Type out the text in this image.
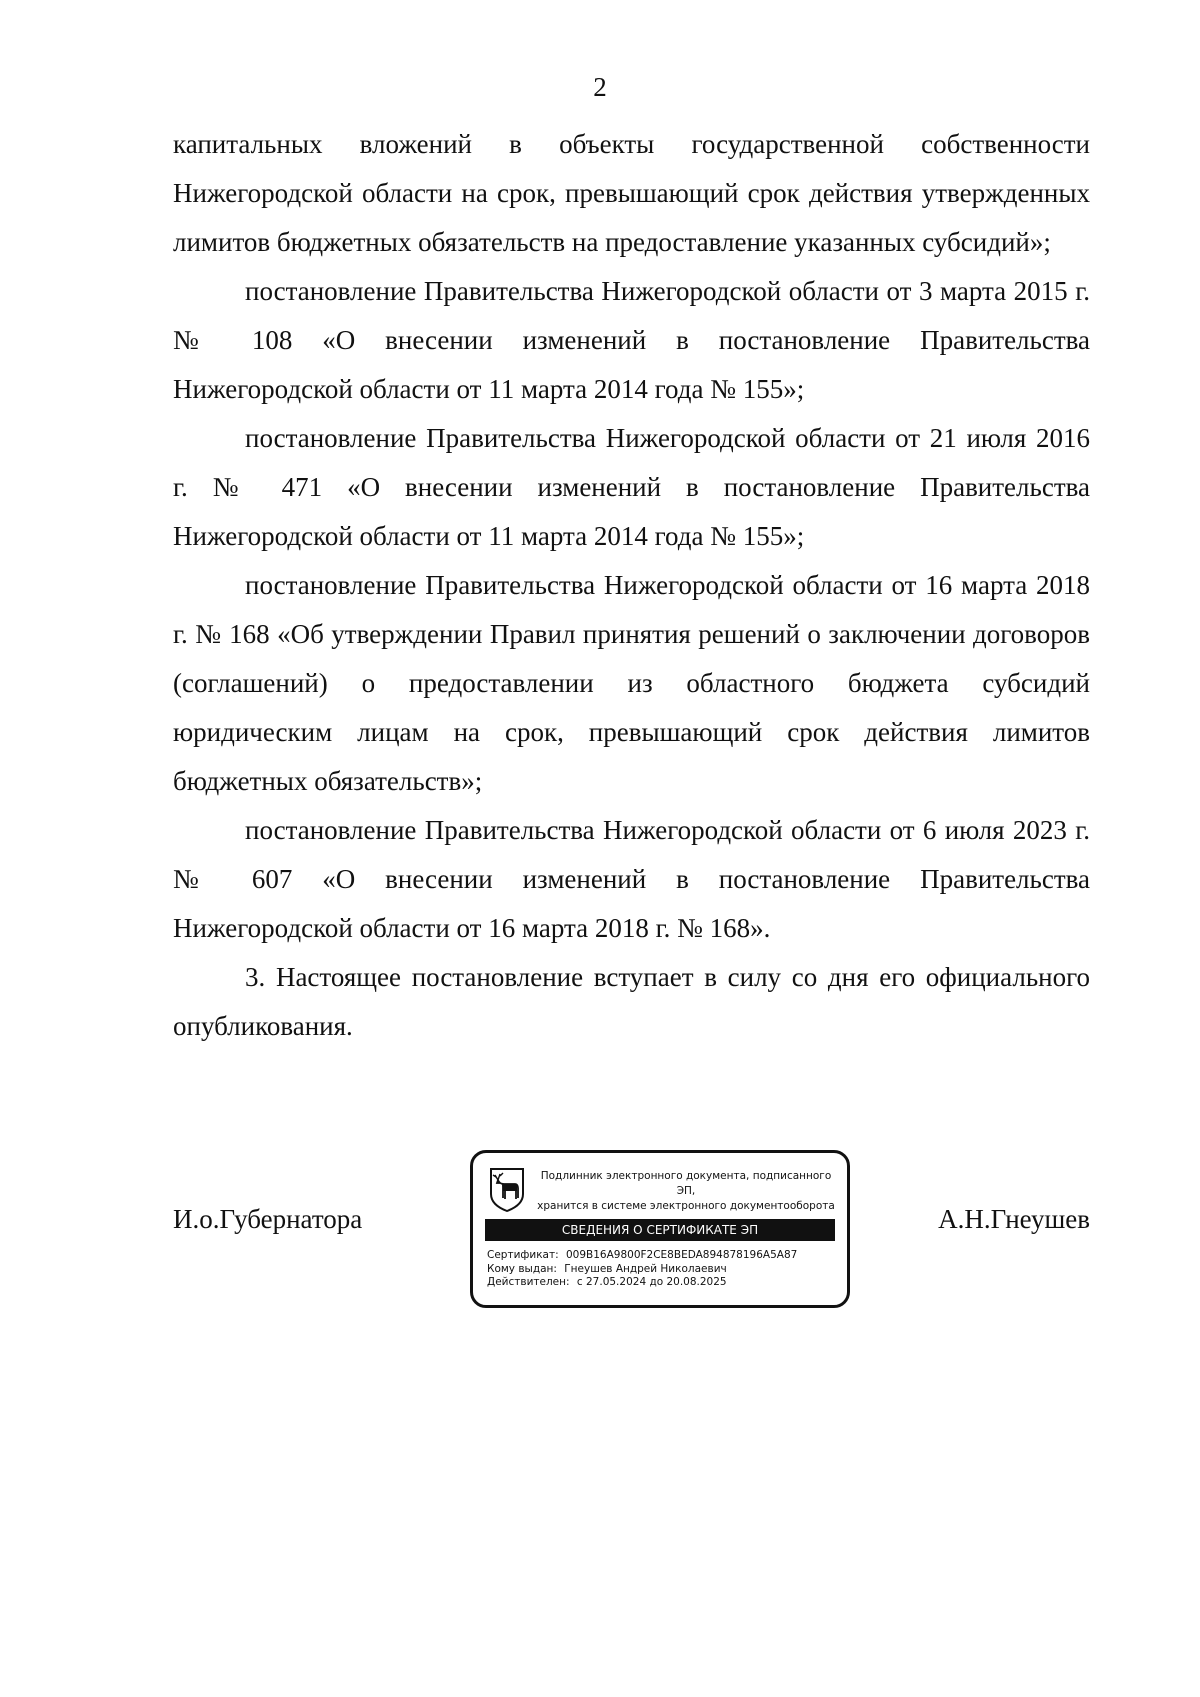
2

капитальных вложений в объекты государственной собственности Нижегородской области на срок, превышающий срок действия утвержденных лимитов бюджетных обязательств на предоставление указанных субсидий»;

постановление Правительства Нижегородской области от 3 марта 2015 г. № 108 «О внесении изменений в постановление Правительства Нижегородской области от 11 марта 2014 года № 155»;

постановление Правительства Нижегородской области от 21 июля 2016 г. № 471 «О внесении изменений в постановление Правительства Нижегородской области от 11 марта 2014 года № 155»;

постановление Правительства Нижегородской области от 16 марта 2018 г. № 168 «Об утверждении Правил принятия решений о заключении договоров (соглашений) о предоставлении из областного бюджета субсидий юридическим лицам на срок, превышающий срок действия лимитов бюджетных обязательств»;

постановление Правительства Нижегородской области от 6 июля 2023 г. № 607 «О внесении изменений в постановление Правительства Нижегородской области от 16 марта 2018 г. № 168».

3. Настоящее постановление вступает в силу со дня его официального опубликования.

И.о.Губернатора
Подлинник электронного документа, подписанного ЭП,
хранится в системе электронного документооборота
СВЕДЕНИЯ О СЕРТИФИКАТЕ ЭП
Сертификат: 009B16A9800F2CE8BEDA894878196A5A87
Кому выдан: Гнеушев Андрей Николаевич
Действителен: с 27.05.2024 до 20.08.2025
А.Н.Гнеушев
